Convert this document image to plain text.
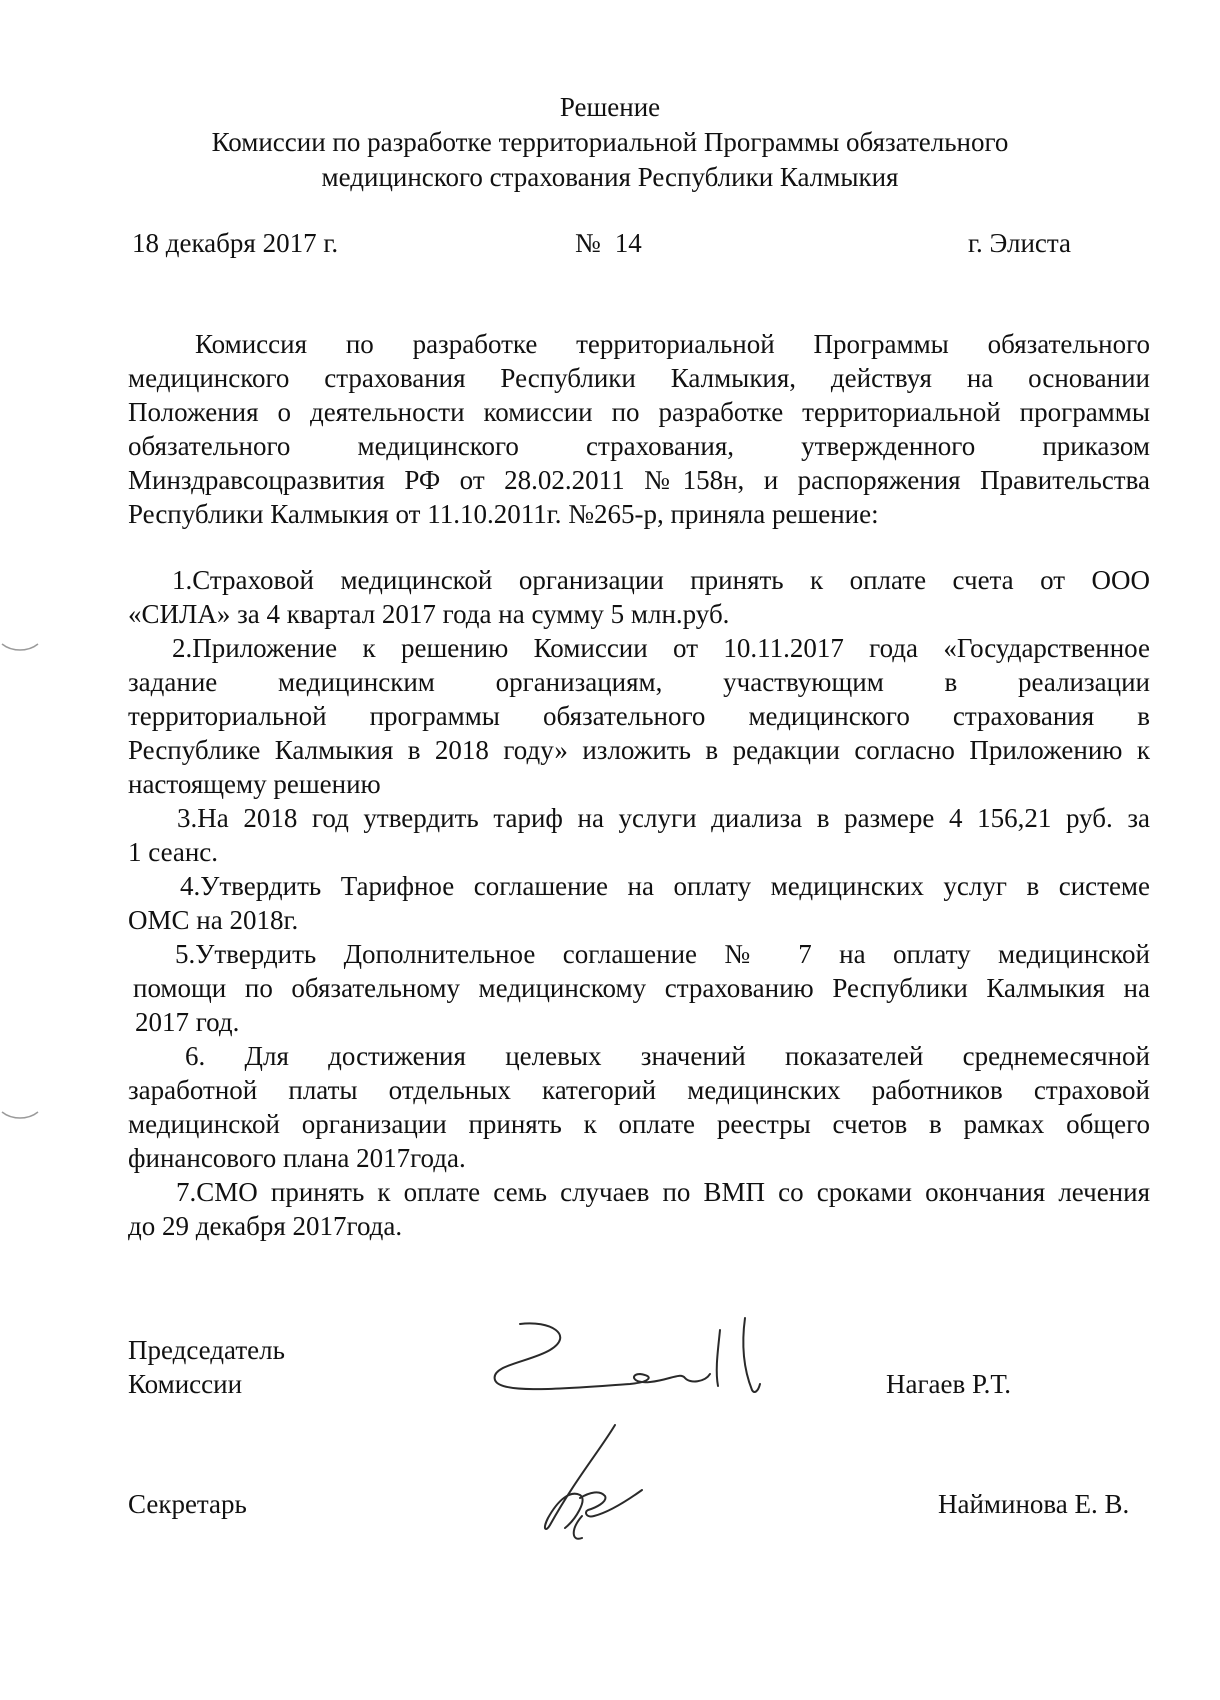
Решение
Комиссии по разработке территориальной Программы обязательного
медицинского страхования Республики Калмыкия
18 декабря 2017 г.	№ 14	г. Элиста
Комиссия по разработке территориальной Программы обязательного
медицинского страхования Республики Калмыкия, действуя на основании
Положения о деятельности комиссии по разработке территориальной программы
обязательного медицинского страхования, утвержденного приказом
Минздравсоцразвития РФ от 28.02.2011 №158н, и распоряжения Правительства
Республики Калмыкия от 11.10.2011г. №265-р, приняла решение:
1.Страховой медицинской организации принять к оплате счета от ООО
«СИЛА» за 4 квартал 2017 года на сумму 5 млн.руб.
2.Приложение к решению Комиссии от 10.11.2017 года «Государственное
задание медицинским организациям, участвующим в реализации
территориальной программы обязательного медицинского страхования в
Республике Калмыкия в 2018 году» изложить в редакции согласно Приложению к
настоящему решению
3.На 2018 год утвердить тариф на услуги диализа в размере 4 156,21 руб. за
1 сеанс.
4.Утвердить Тарифное соглашение на оплату медицинских услуг в системе
ОМС на 2018г.
5.Утвердить Дополнительное соглашение № 7 на оплату медицинской
помощи по обязательному медицинскому страхованию Республики Калмыкия на
2017 год.
6. Для достижения целевых значений показателей среднемесячной
заработной платы отдельных категорий медицинских работников страховой
медицинской организации принять к оплате реестры счетов в рамках общего
финансового плана 2017года.
7.СМО принять к оплате семь случаев по ВМП со сроками окончания лечения
до 29 декабря 2017года.
Председатель
Комиссии	Нагаев Р.Т.
Секретарь	Найминова Е. В.
